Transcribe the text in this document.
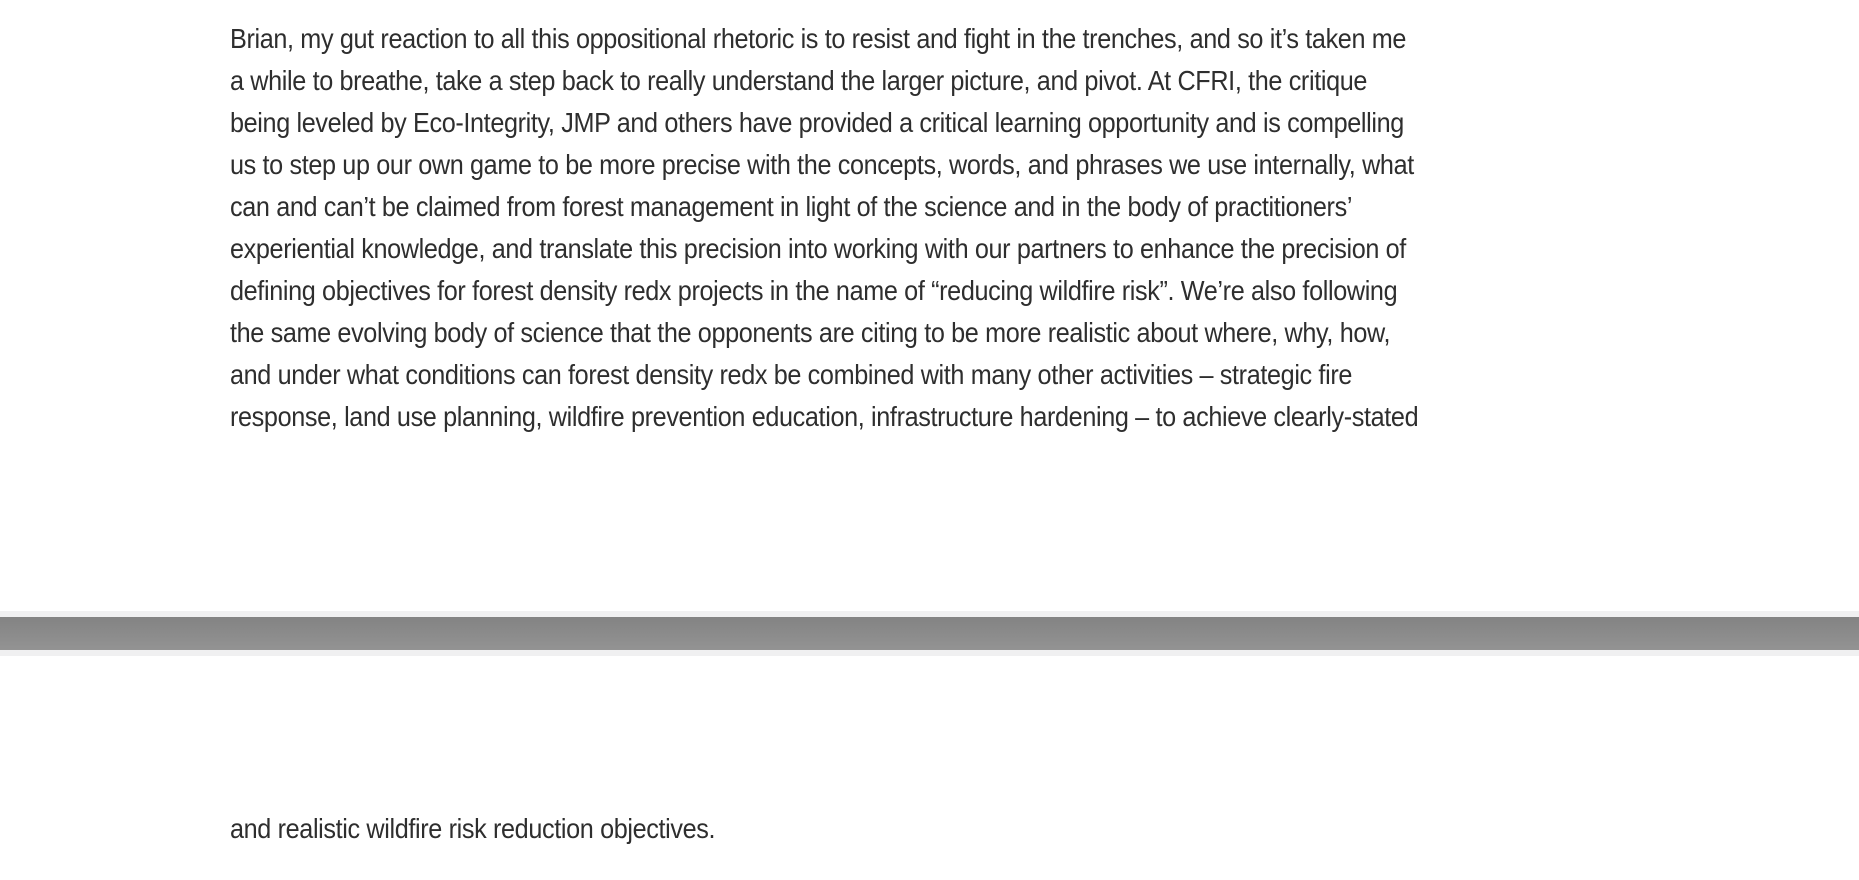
Brian, my gut reaction to all this oppositional rhetoric is to resist and fight in the trenches, and so it’s taken me
a while to breathe, take a step back to really understand the larger picture, and pivot. At CFRI, the critique
being leveled by Eco-Integrity, JMP and others have provided a critical learning opportunity and is compelling
us to step up our own game to be more precise with the concepts, words, and phrases we use internally, what
can and can’t be claimed from forest management in light of the science and in the body of practitioners’
experiential knowledge, and translate this precision into working with our partners to enhance the precision of
defining objectives for forest density redx projects in the name of “reducing wildfire risk”. We’re also following
the same evolving body of science that the opponents are citing to be more realistic about where, why, how,
and under what conditions can forest density redx be combined with many other activities – strategic fire
response, land use planning, wildfire prevention education, infrastructure hardening – to achieve clearly-stated
and realistic wildfire risk reduction objectives.
